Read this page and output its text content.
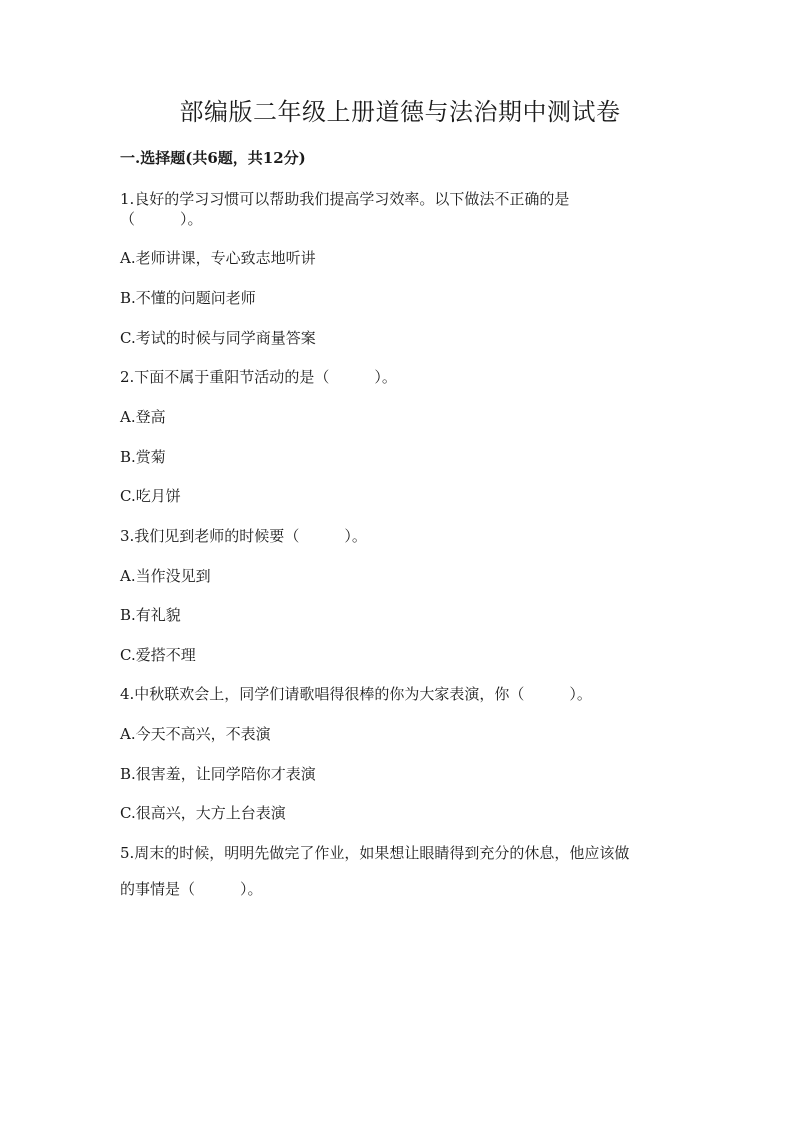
部编版二年级上册道德与法治期中测试卷
一.选择题(共6题，共12分)
1.良好的学习习惯可以帮助我们提高学习效率。以下做法不正确的是
（　　　）。
A.老师讲课，专心致志地听讲
B.不懂的问题问老师
C.考试的时候与同学商量答案
2.下面不属于重阳节活动的是（　　　）。
A.登高
B.赏菊
C.吃月饼
3.我们见到老师的时候要（　　　）。
A.当作没见到
B.有礼貌
C.爱搭不理
4.中秋联欢会上，同学们请歌唱得很棒的你为大家表演，你（　　　）。
A.今天不高兴，不表演
B.很害羞，让同学陪你才表演
C.很高兴，大方上台表演
5.周末的时候，明明先做完了作业，如果想让眼睛得到充分的休息，他应该做
的事情是（　　　）。
